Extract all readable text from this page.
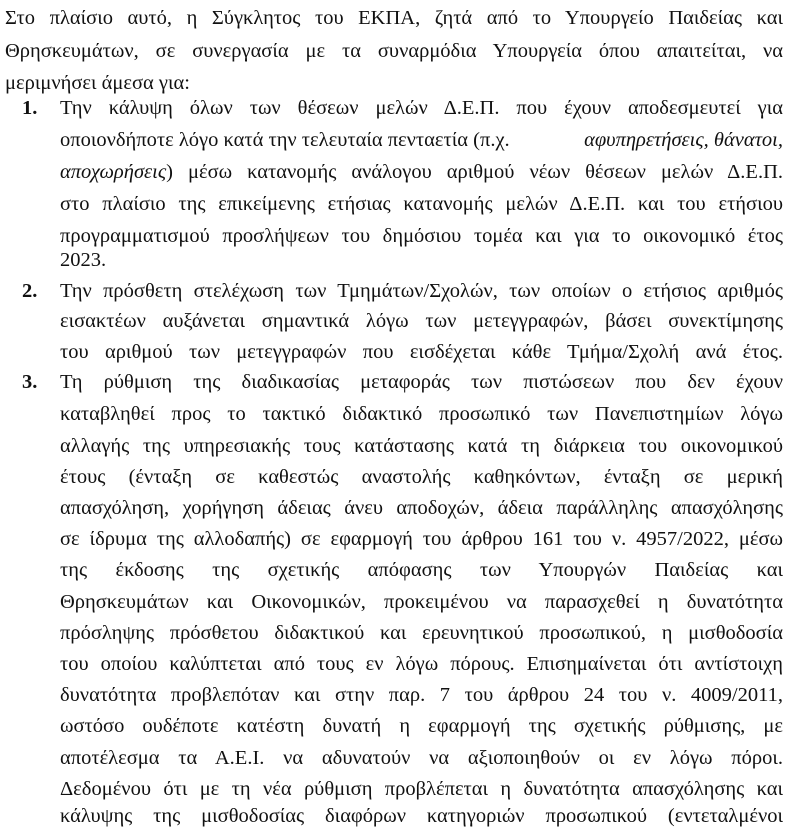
Στο πλαίσιο αυτό, η Σύγκλητος του ΕΚΠΑ, ζητά από το Υπουργείο Παιδείας και
Θρησκευμάτων, σε συνεργασία με τα συναρμόδια Υπουργεία όπου απαιτείται, να
μεριμνήσει άμεσα για:
1.	Την κάλυψη όλων των θέσεων μελών Δ.Ε.Π. που έχουν αποδεσμευτεί για
οποιονδήποτε λόγο κατά την τελευταία πενταετία (π.χ.	αφυπηρετήσεις, θάνατοι,
αποχωρήσεις ) μέσω κατανομής ανάλογου αριθμού νέων θέσεων μελών Δ.Ε.Π.
στο πλαίσιο της επικείμενης ετήσιας κατανομής μελών Δ.Ε.Π. και του ετήσιου
προγραμματισμού προσλήψεων του δημόσιου τομέα και για το οικονομικό έτος
2023.
2.	Την πρόσθετη στελέχωση των Τμημάτων/Σχολών, των οποίων ο ετήσιος αριθμός
εισακτέων αυξάνεται σημαντικά λόγω των μετεγγραφών, βάσει συνεκτίμησης
του αριθμού των μετεγγραφών που εισδέχεται κάθε Τμήμα/Σχολή ανά έτος.
3.	Τη ρύθμιση της διαδικασίας μεταφοράς των πιστώσεων που δεν έχουν
καταβληθεί προς το τακτικό διδακτικό προσωπικό των Πανεπιστημίων λόγω
αλλαγής της υπηρεσιακής τους κατάστασης κατά τη διάρκεια του οικονομικού
έτους (ένταξη σε καθεστώς αναστολής καθηκόντων, ένταξη σε μερική
απασχόληση, χορήγηση άδειας άνευ αποδοχών, άδεια παράλληλης απασχόλησης
σε ίδρυμα της αλλοδαπής) σε εφαρμογή του άρθρου 161 του ν. 4957/2022, μέσω
της έκδοσης της σχετικής απόφασης των Υπουργών Παιδείας και
Θρησκευμάτων και Οικονομικών, προκειμένου να παρασχεθεί η δυνατότητα
πρόσληψης πρόσθετου διδακτικού και ερευνητικού προσωπικού, η μισθοδοσία
του οποίου καλύπτεται από τους εν λόγω πόρους. Επισημαίνεται ότι αντίστοιχη
δυνατότητα προβλεπόταν και στην παρ. 7 του άρθρου 24 του ν. 4009/2011,
ωστόσο ουδέποτε κατέστη δυνατή η εφαρμογή της σχετικής ρύθμισης, με
αποτέλεσμα τα Α.Ε.Ι. να αδυνατούν να αξιοποιηθούν οι εν λόγω πόροι.
Δεδομένου ότι με τη νέα ρύθμιση προβλέπεται η δυνατότητα απασχόλησης και
κάλυψης της μισθοδοσίας διαφόρων κατηγοριών προσωπικού (εντεταλμένοι
